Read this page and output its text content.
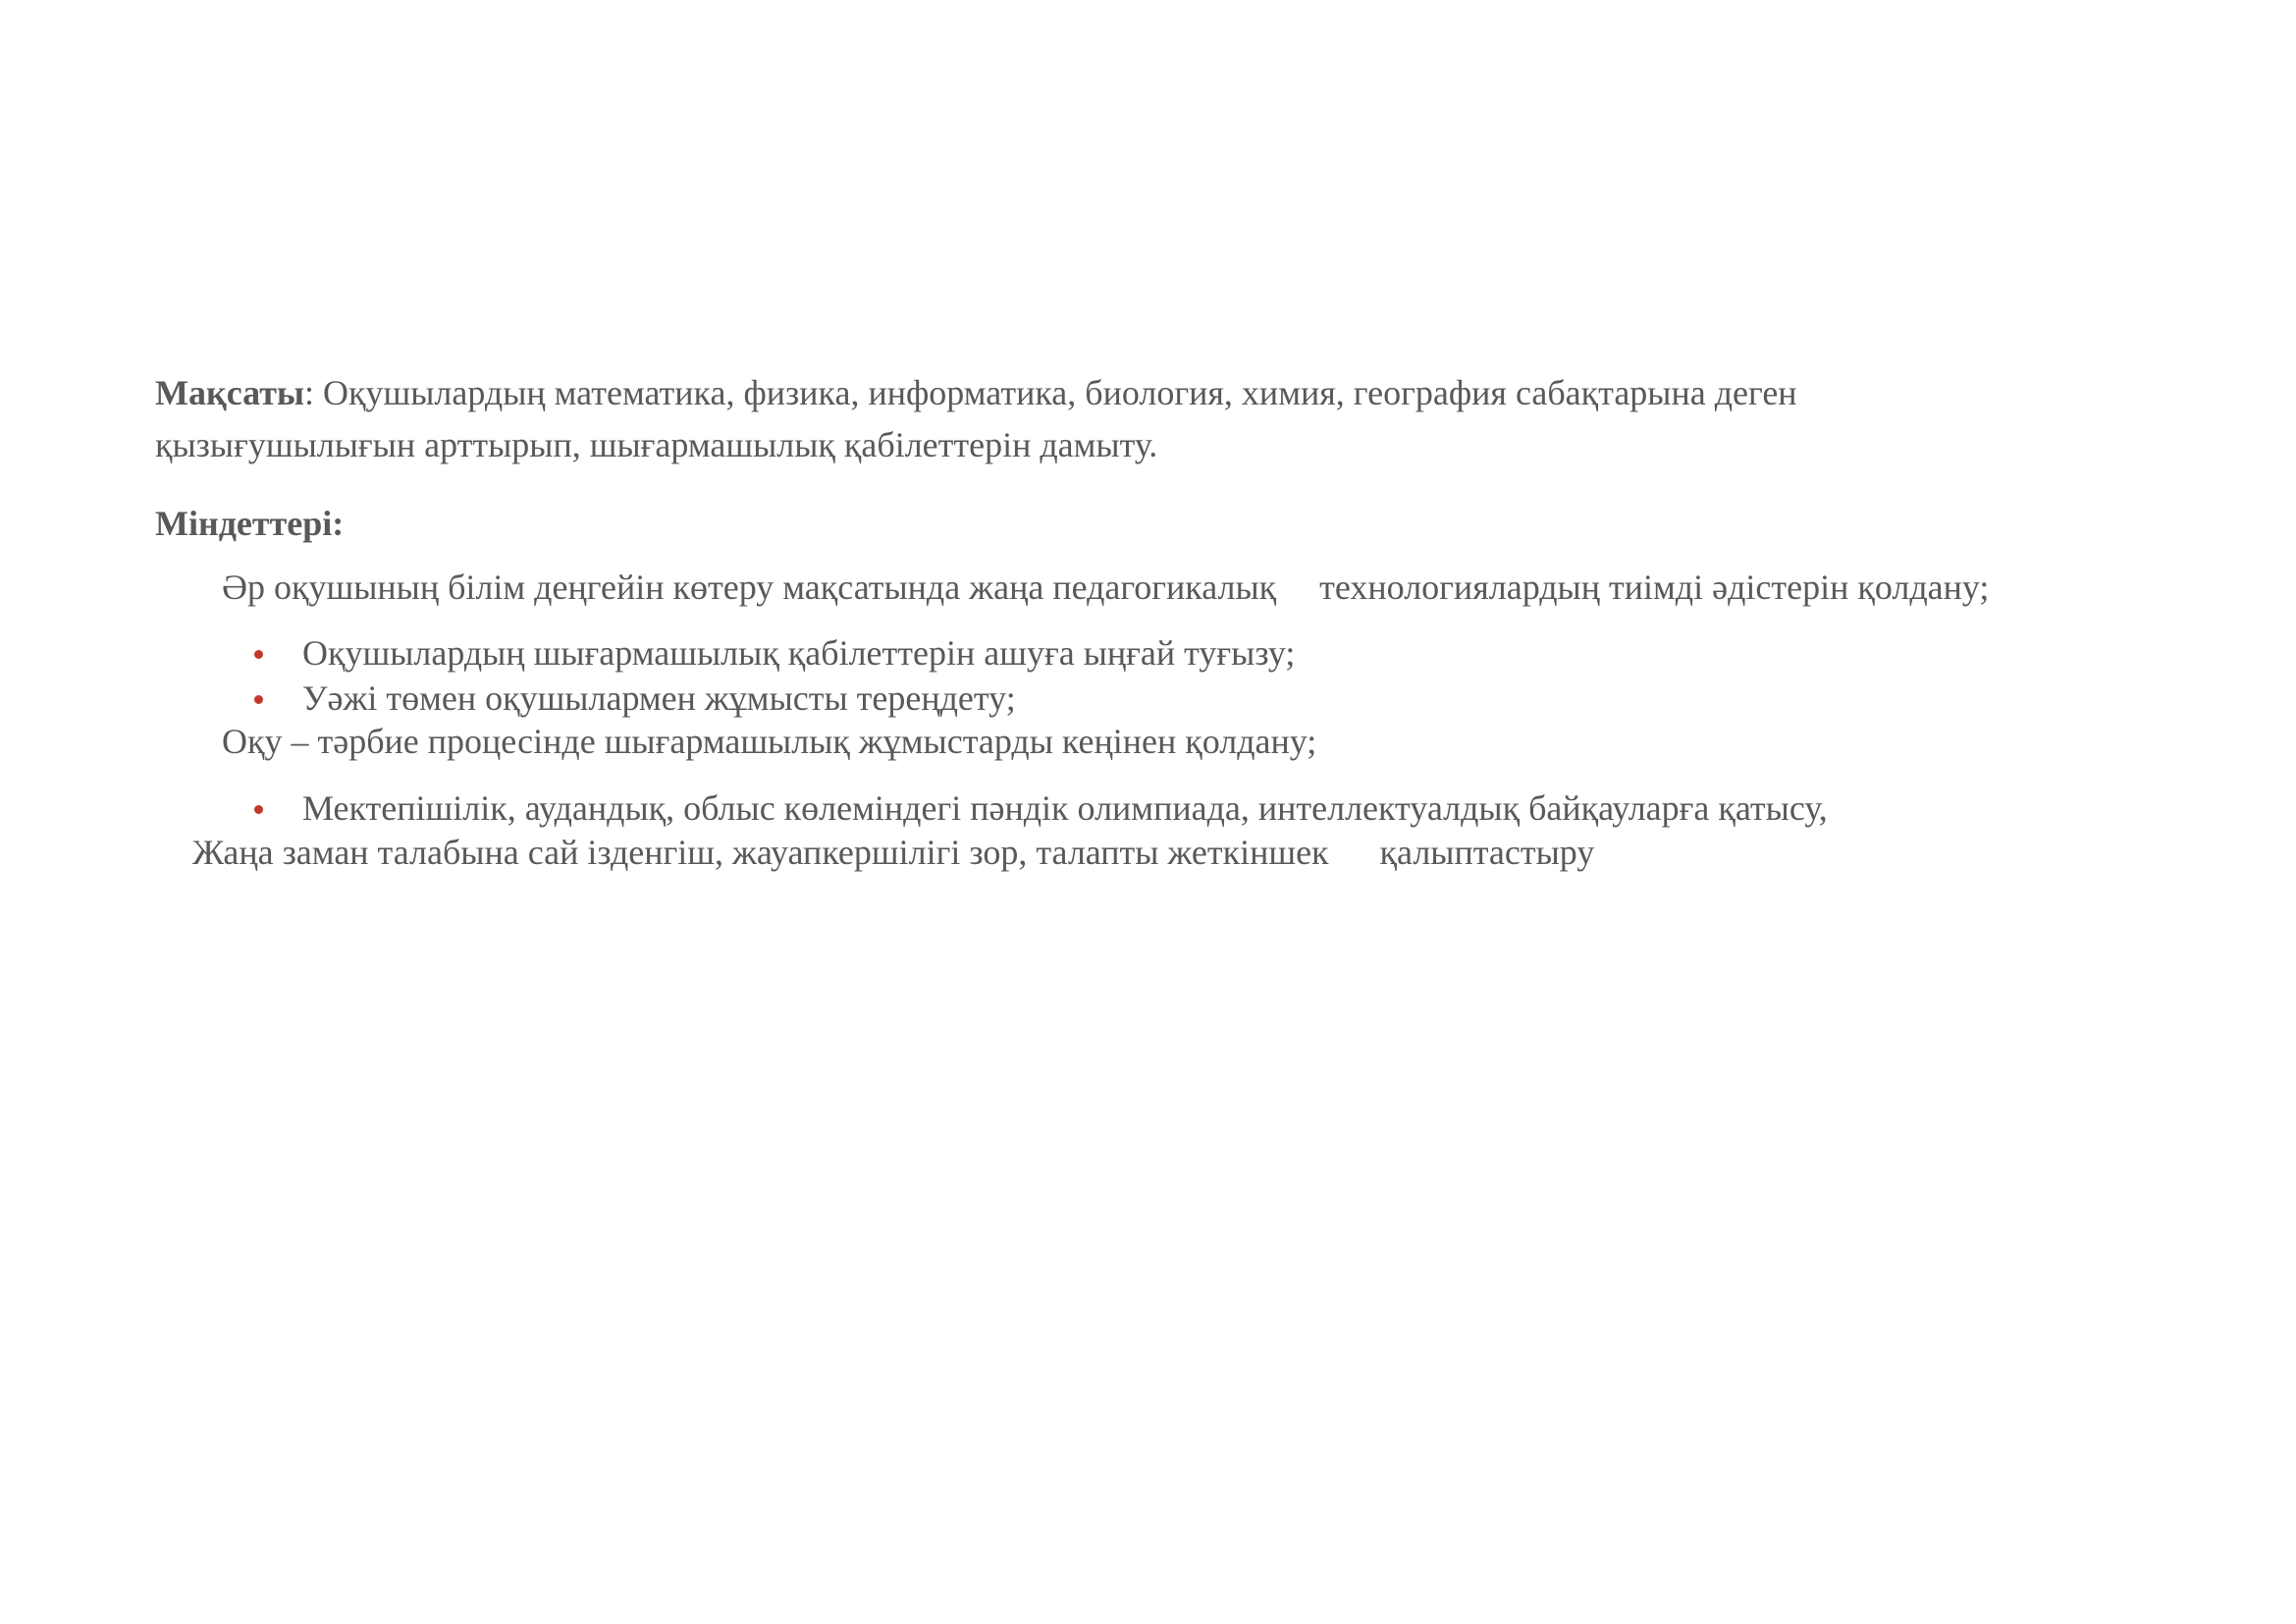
Мақсаты: Оқушылардың математика, физика, информатика, биология, химия, география сабақтарына деген
қызығушылығын арттырып, шығармашылық қабілеттерін дамыту.
Міндеттері:
Әр оқушының білім деңгейін көтеру мақсатында жаңа педагогикалық технологиялардың тиімді әдістерін қолдану;
Оқушылардың шығармашылық қабілеттерін ашуға ыңғай туғызу;
Уәжі төмен оқушылармен жұмысты тереңдету;
Оқу – тәрбие процесінде шығармашылық жұмыстарды кеңінен қолдану;
Мектепішілік, аудандық, облыс көлеміндегі пәндік олимпиада, интеллектуалдық байқауларға қатысу,
Жаңа заман талабына сай ізденгіш, жауапкершілігі зор, талапты жеткіншек қалыптастыру
